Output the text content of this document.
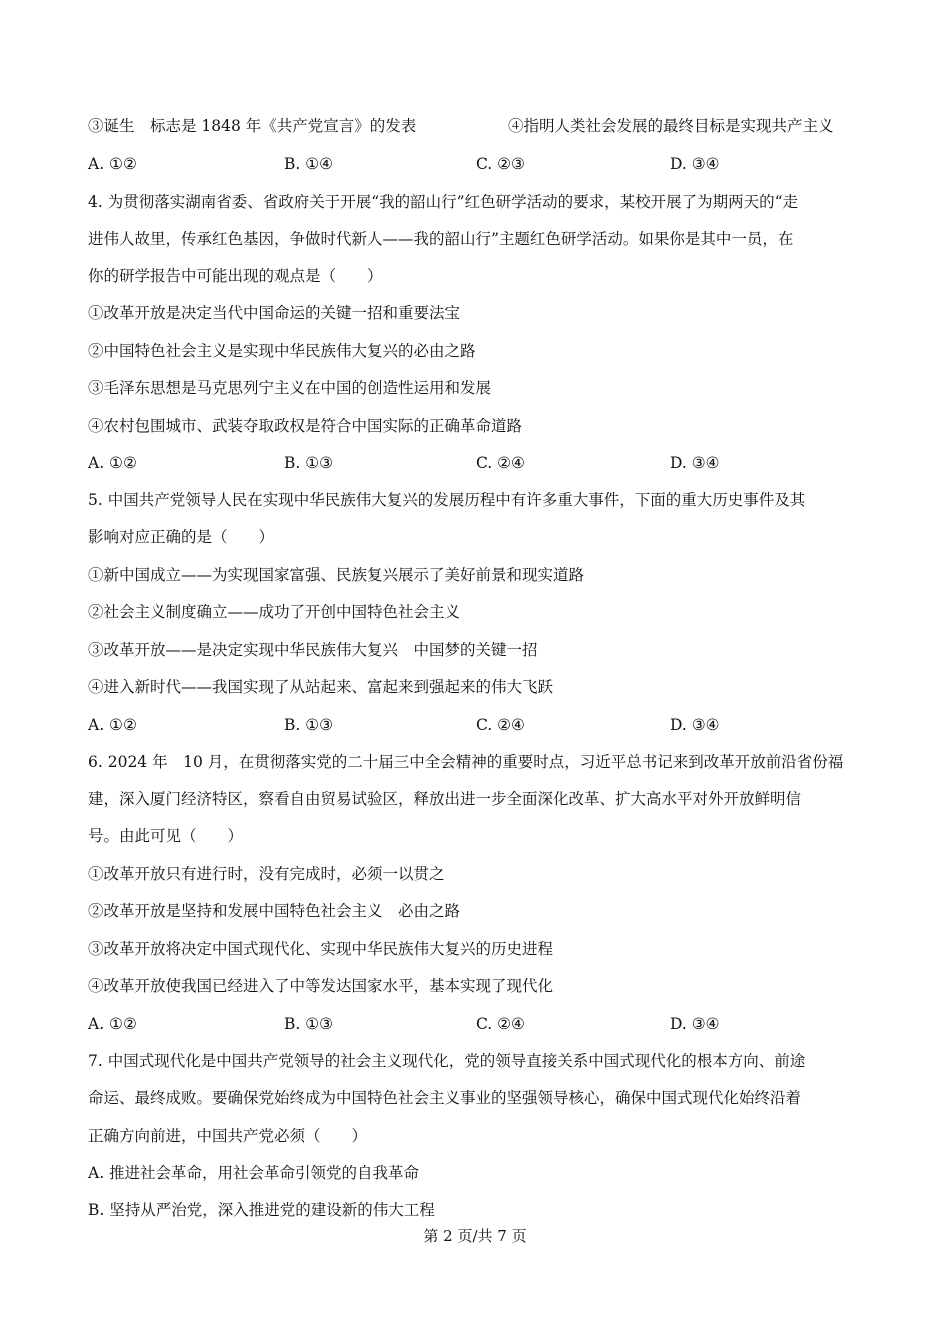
③诞生　标志是 1848 年《共产党宣言》的发表	④指明人类社会发展的最终目标是实现共产主义
A. ①②	B. ①④	C. ②③	D. ③④
4. 为贯彻落实湖南省委、省政府关于开展“我的韶山行”红色研学活动的要求，某校开展了为期两天的“走
进伟人故里，传承红色基因，争做时代新人——我的韶山行”主题红色研学活动。如果你是其中一员，在
你的研学报告中可能出现的观点是（　　）
①改革开放是决定当代中国命运的关键一招和重要法宝
②中国特色社会主义是实现中华民族伟大复兴的必由之路
③毛泽东思想是马克思列宁主义在中国的创造性运用和发展
④农村包围城市、武装夺取政权是符合中国实际的正确革命道路
A. ①②	B. ①③	C. ②④	D. ③④
5. 中国共产党领导人民在实现中华民族伟大复兴的发展历程中有许多重大事件，下面的重大历史事件及其
影响对应正确的是（　　）
①新中国成立——为实现国家富强、民族复兴展示了美好前景和现实道路
②社会主义制度确立——成功了开创中国特色社会主义
③改革开放——是决定实现中华民族伟大复兴　中国梦的关键一招
④进入新时代——我国实现了从站起来、富起来到强起来的伟大飞跃
A. ①②	B. ①③	C. ②④	D. ③④
6. 2024 年　10 月，在贯彻落实党的二十届三中全会精神的重要时点，习近平总书记来到改革开放前沿省份福
建，深入厦门经济特区，察看自由贸易试验区，释放出进一步全面深化改革、扩大高水平对外开放鲜明信
号。由此可见（　　）
①改革开放只有进行时，没有完成时，必须一以贯之
②改革开放是坚持和发展中国特色社会主义　必由之路
③改革开放将决定中国式现代化、实现中华民族伟大复兴的历史进程
④改革开放使我国已经进入了中等发达国家水平，基本实现了现代化
A. ①②	B. ①③	C. ②④	D. ③④
7. 中国式现代化是中国共产党领导的社会主义现代化，党的领导直接关系中国式现代化的根本方向、前途
命运、最终成败。要确保党始终成为中国特色社会主义事业的坚强领导核心，确保中国式现代化始终沿着
正确方向前进，中国共产党必须（　　）
A. 推进社会革命，用社会革命引领党的自我革命
B. 坚持从严治党，深入推进党的建设新的伟大工程
第 2 页/共 7 页
